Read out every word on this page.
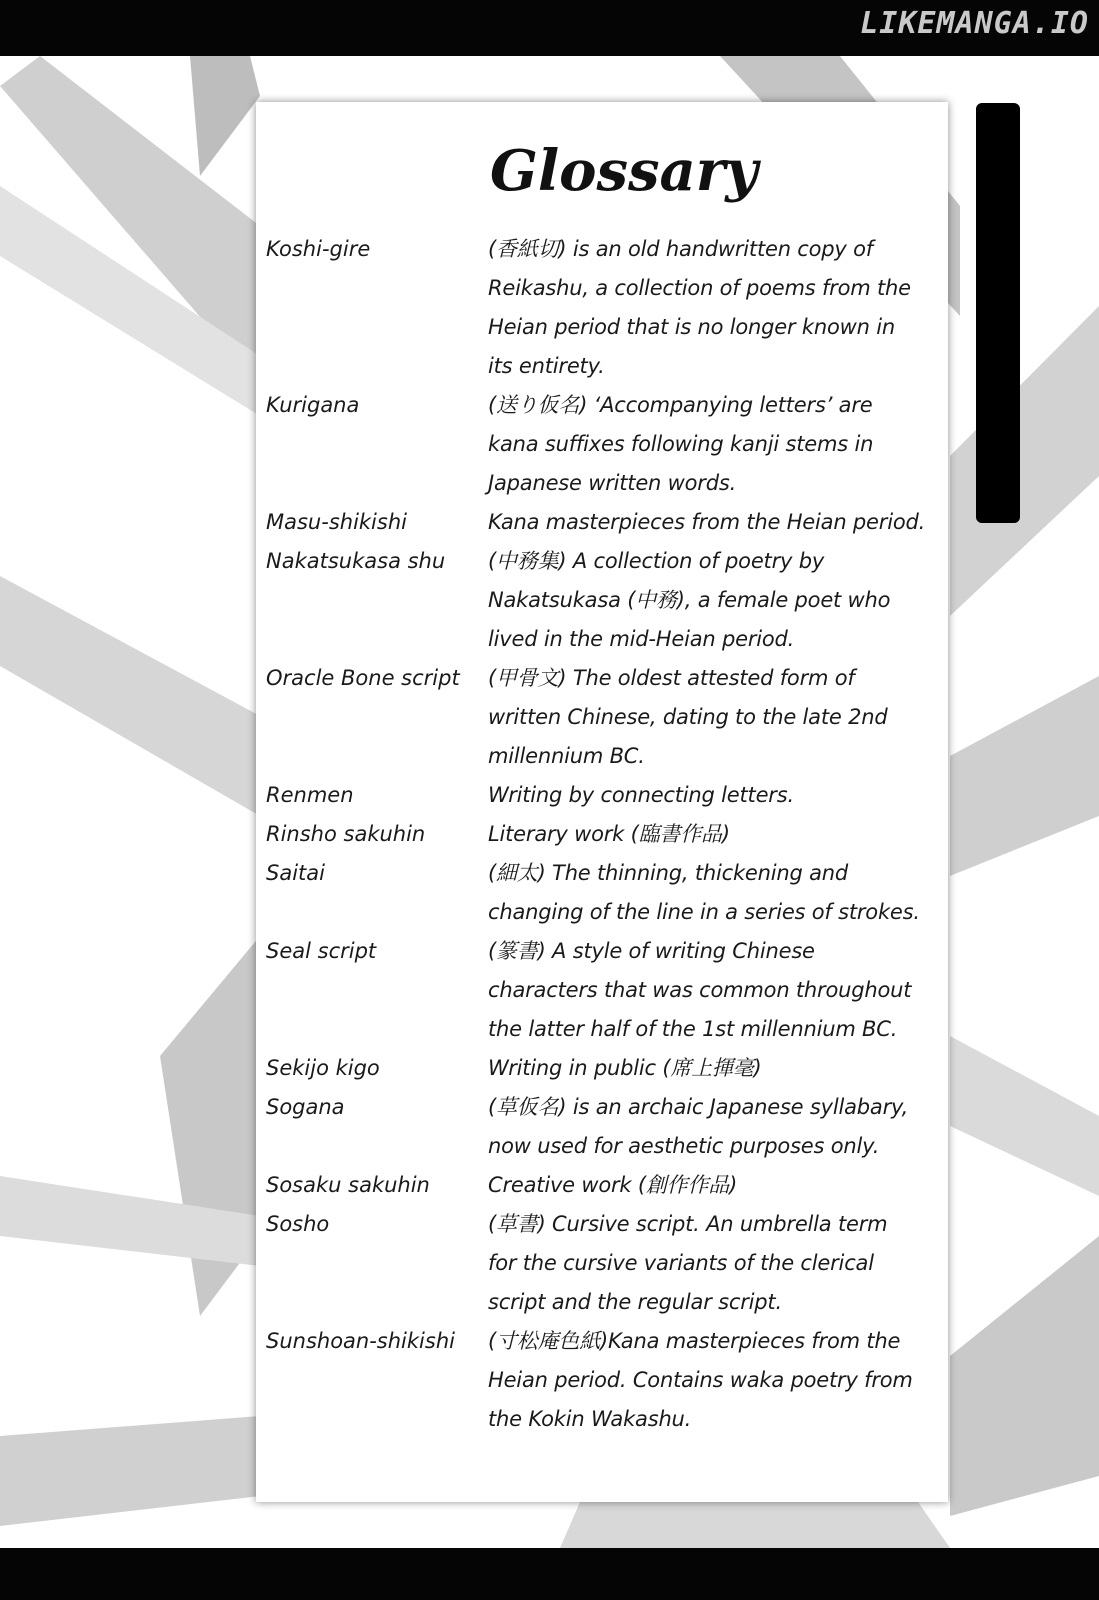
LIKEMANGA.IO
Glossary
Koshi-gire	(香紙切) is an old handwritten copy of
Reikashu, a collection of poems from the
Heian period that is no longer known in
its entirety.
Kurigana	(送り仮名) ‘Accompanying letters’ are
kana suffixes following kanji stems in
Japanese written words.
Masu-shikishi	Kana masterpieces from the Heian period.
Nakatsukasa shu	(中務集) A collection of poetry by
Nakatsukasa (中務), a female poet who
lived in the mid-Heian period.
Oracle Bone script	(甲骨文) The oldest attested form of
written Chinese, dating to the late 2nd
millennium BC.
Renmen	Writing by connecting letters.
Rinsho sakuhin	Literary work (臨書作品)
Saitai	(細太) The thinning, thickening and
changing of the line in a series of strokes.
Seal script	(篆書) A style of writing Chinese
characters that was common throughout
the latter half of the 1st millennium BC.
Sekijo kigo	Writing in public (席上揮毫)
Sogana	(草仮名) is an archaic Japanese syllabary,
now used for aesthetic purposes only.
Sosaku sakuhin	Creative work (創作作品)
Sosho	(草書) Cursive script. An umbrella term
for the cursive variants of the clerical
script and the regular script.
Sunshoan-shikishi	(寸松庵色紙)Kana masterpieces from the
Heian period. Contains waka poetry from
the Kokin Wakashu.
